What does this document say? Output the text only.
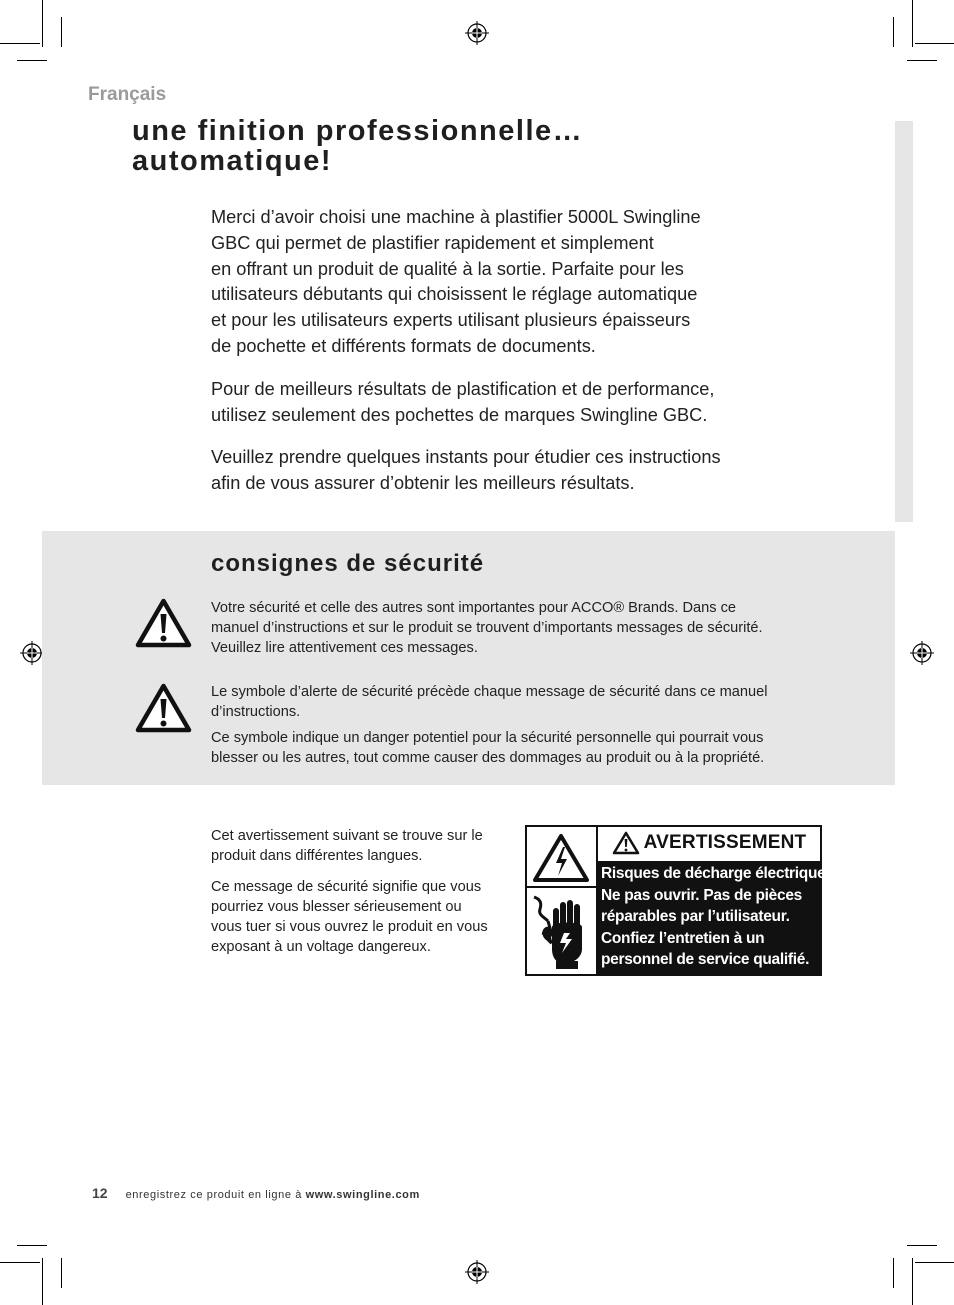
Français

une finition professionnelle…
automatique!

Merci d’avoir choisi une machine à plastifier 5000L Swingline
GBC qui permet de plastifier rapidement et simplement
en offrant un produit de qualité à la sortie. Parfaite pour les
utilisateurs débutants qui choisissent le réglage automatique
et pour les utilisateurs experts utilisant plusieurs épaisseurs
de pochette et différents formats de documents.

Pour de meilleurs résultats de plastification et de performance,
utilisez seulement des pochettes de marques Swingline GBC.

Veuillez prendre quelques instants pour étudier ces instructions
afin de vous assurer d’obtenir les meilleurs résultats.

consignes de sécurité

Votre sécurité et celle des autres sont importantes pour ACCO® Brands. Dans ce
manuel d’instructions et sur le produit se trouvent d’importants messages de sécurité.
Veuillez lire attentivement ces messages.

Le symbole d’alerte de sécurité précède chaque message de sécurité dans ce manuel
d’instructions.

Ce symbole indique un danger potentiel pour la sécurité personnelle qui pourrait vous
blesser ou les autres, tout comme causer des dommages au produit ou à la propriété.

Cet avertissement suivant se trouve sur le
produit dans différentes langues.

Ce message de sécurité signifie que vous
pourriez vous blesser sérieusement ou
vous tuer si vous ouvrez le produit en vous
exposant à un voltage dangereux.

AVERTISSEMENT
Risques de décharge électrique.
Ne pas ouvrir. Pas de pièces
réparables par l’utilisateur.
Confiez l’entretien à un
personnel de service qualifié.
12 enregistrez ce produit en ligne à www.swingline.com
